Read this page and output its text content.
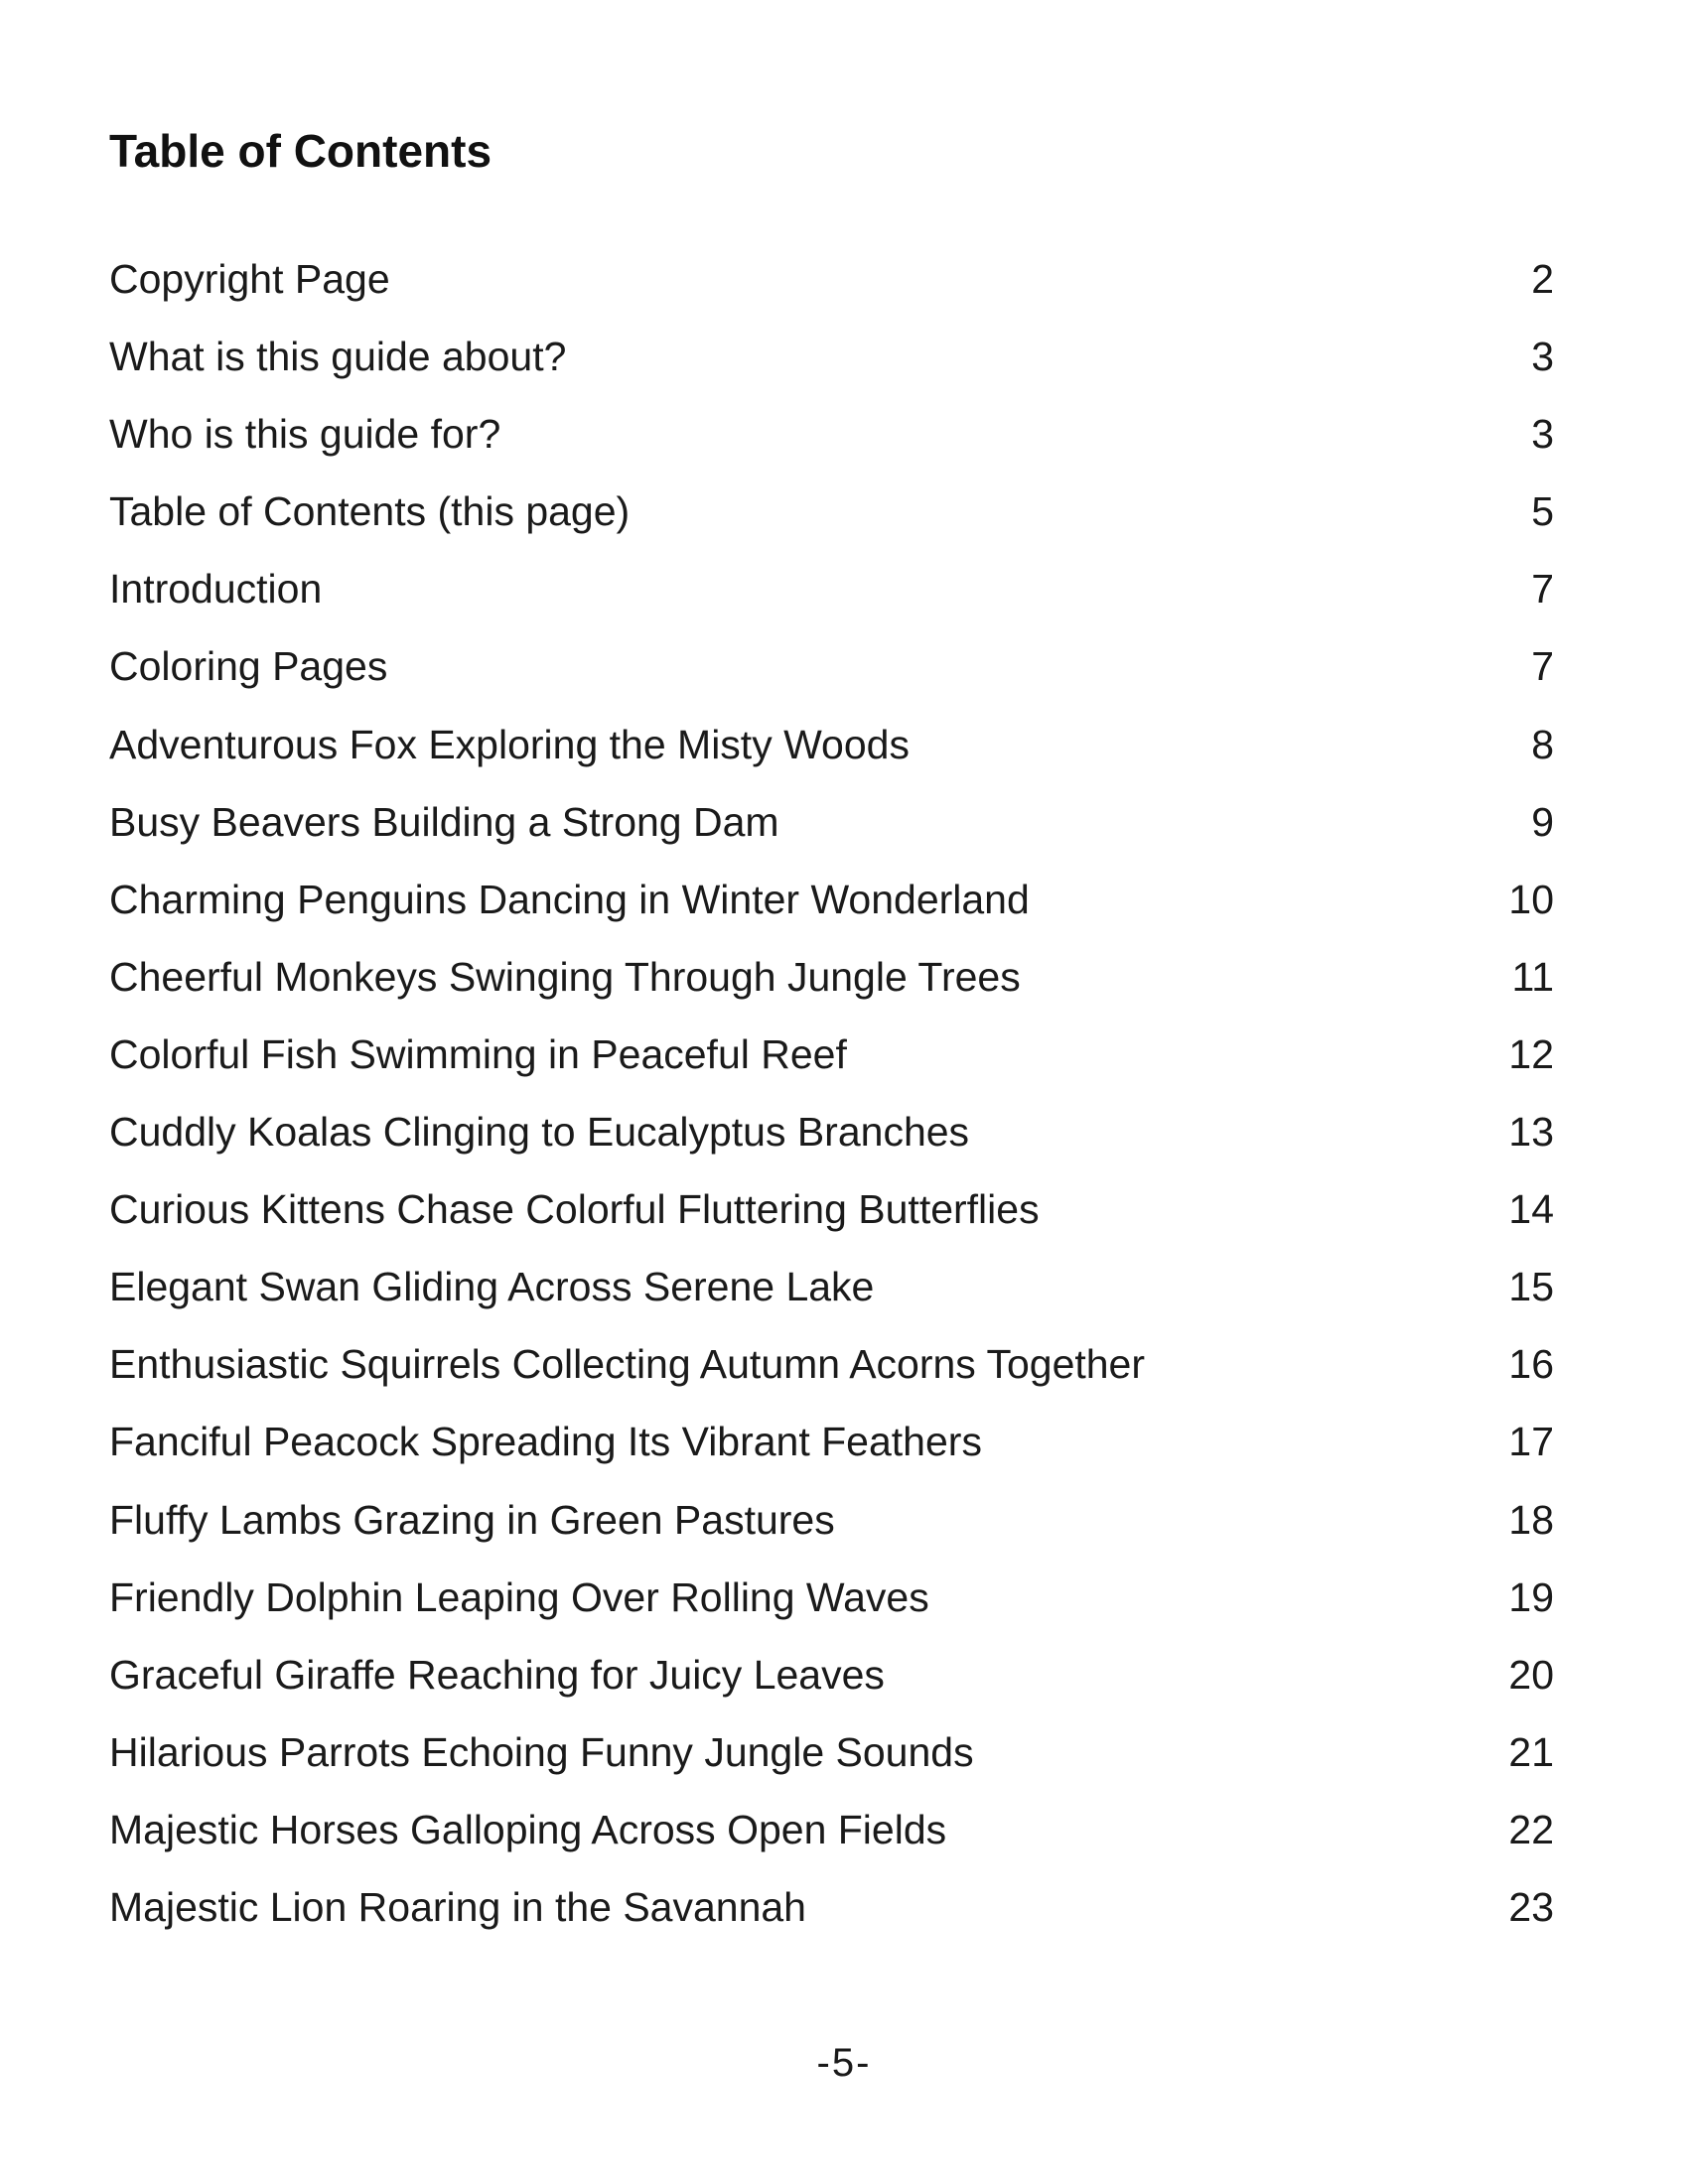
Table of Contents
Copyright Page	2
What is this guide about?	3
Who is this guide for?	3
Table of Contents (this page)	5
Introduction	7
Coloring Pages	7
Adventurous Fox Exploring the Misty Woods	8
Busy Beavers Building a Strong Dam	9
Charming Penguins Dancing in Winter Wonderland	10
Cheerful Monkeys Swinging Through Jungle Trees	11
Colorful Fish Swimming in Peaceful Reef	12
Cuddly Koalas Clinging to Eucalyptus Branches	13
Curious Kittens Chase Colorful Fluttering Butterflies	14
Elegant Swan Gliding Across Serene Lake	15
Enthusiastic Squirrels Collecting Autumn Acorns Together	16
Fanciful Peacock Spreading Its Vibrant Feathers	17
Fluffy Lambs Grazing in Green Pastures	18
Friendly Dolphin Leaping Over Rolling Waves	19
Graceful Giraffe Reaching for Juicy Leaves	20
Hilarious Parrots Echoing Funny Jungle Sounds	21
Majestic Horses Galloping Across Open Fields	22
Majestic Lion Roaring in the Savannah	23
-5-
